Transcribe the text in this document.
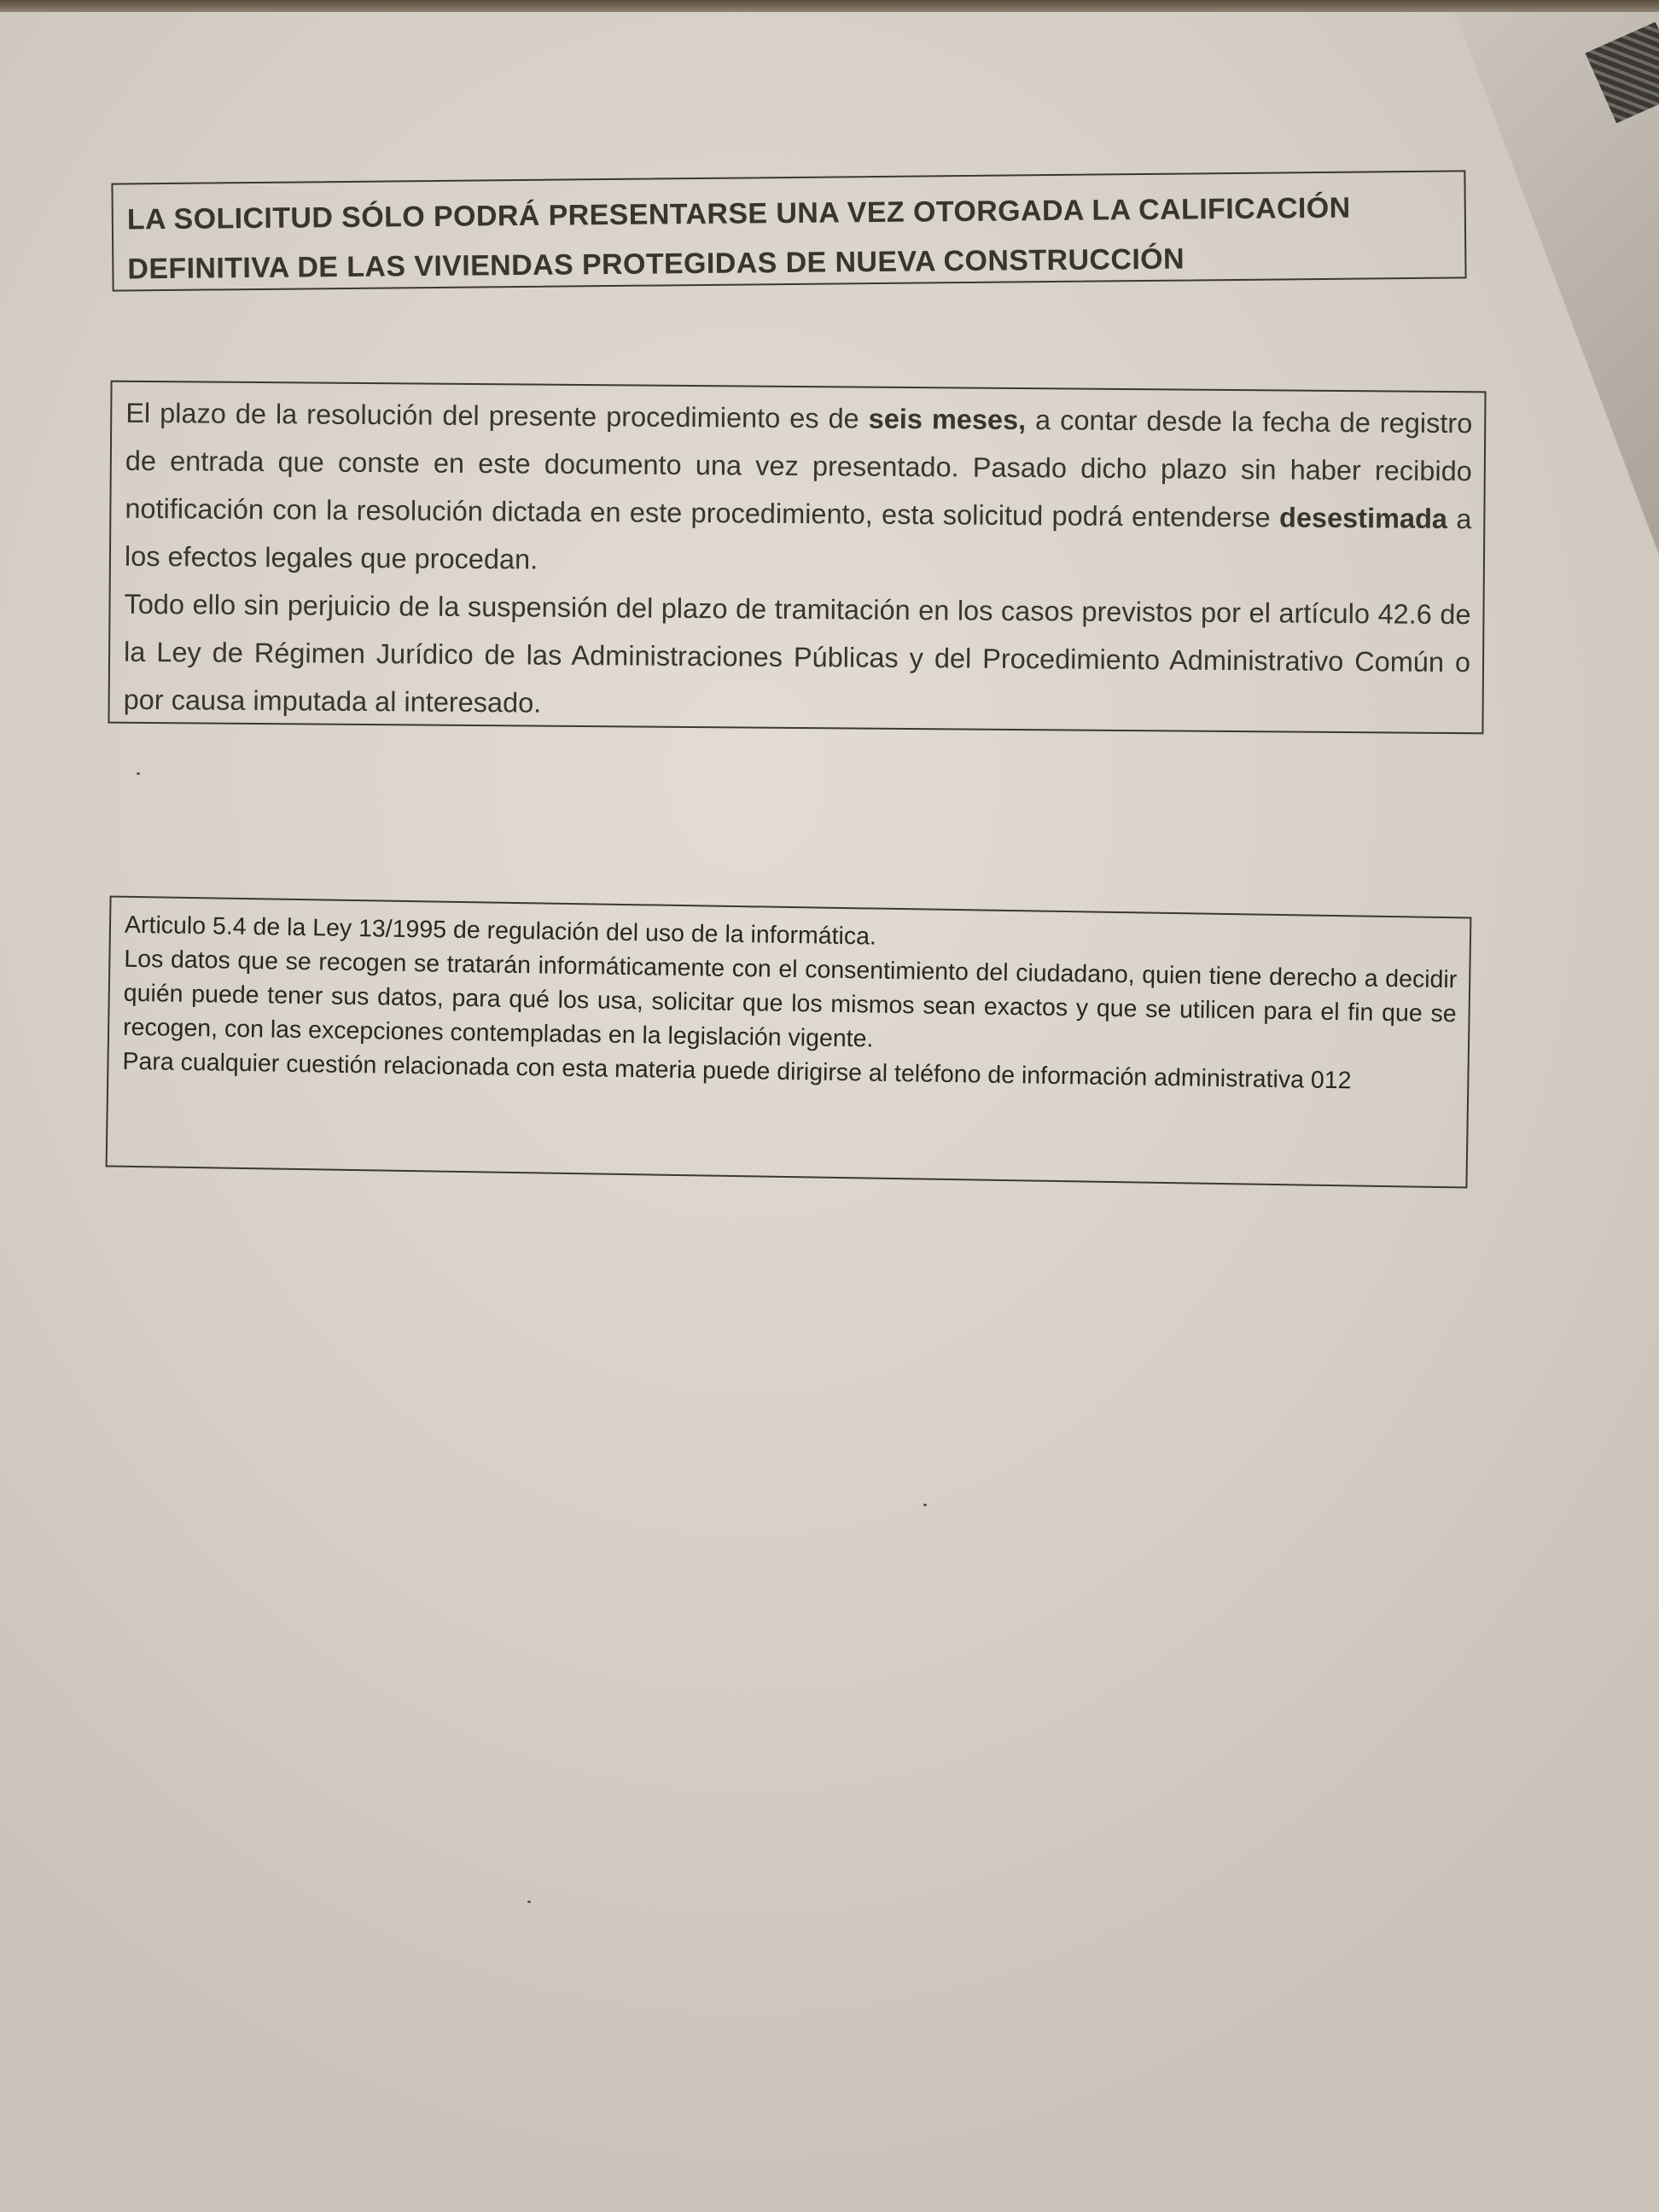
LA SOLICITUD SÓLO PODRÁ PRESENTARSE UNA VEZ OTORGADA LA CALIFICACIÓN
DEFINITIVA DE LAS VIVIENDAS PROTEGIDAS DE NUEVA CONSTRUCCIÓN

El plazo de la resolución del presente procedimiento es de seis meses, a contar desde la fecha de registro de entrada que conste en este documento una vez presentado. Pasado dicho plazo sin haber recibido notificación con la resolución dictada en este procedimiento, esta solicitud podrá entenderse desestimada a los efectos legales que procedan.

Todo ello sin perjuicio de la suspensión del plazo de tramitación en los casos previstos por el artículo 42.6 de la Ley de Régimen Jurídico de las Administraciones Públicas y del Procedimiento Administrativo Común o por causa imputada al interesado.

Articulo 5.4 de la Ley 13/1995 de regulación del uso de la informática.

Los datos que se recogen se tratarán informáticamente con el consentimiento del ciudadano, quien tiene derecho a decidir quién puede tener sus datos, para qué los usa, solicitar que los mismos sean exactos y que se utilicen para el fin que se recogen, con las excepciones contempladas en la legislación vigente.

Para cualquier cuestión relacionada con esta materia puede dirigirse al teléfono de información administrativa 012
